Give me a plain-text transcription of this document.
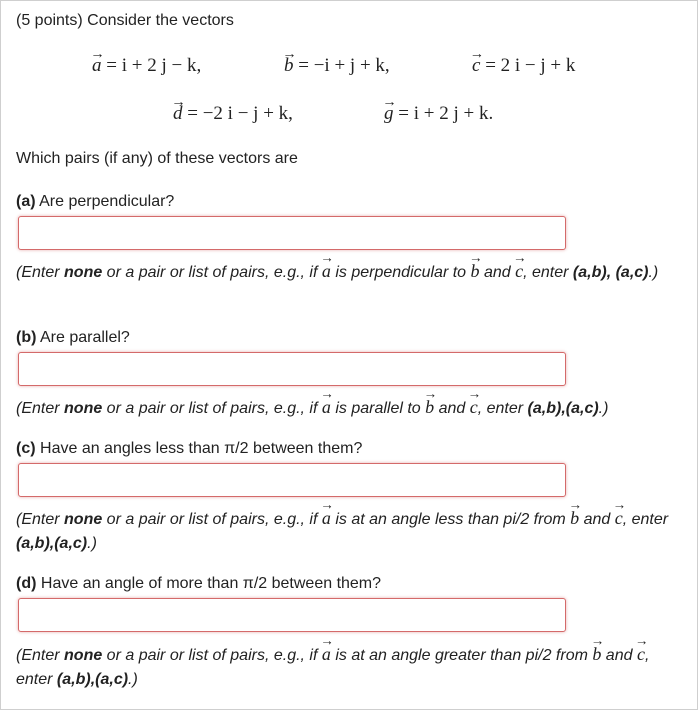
(5 points) Consider the vectors
→ a = i + 2 j − k,	→ b = −i + j + k,	→ c = 2 i − j + k
→ d = −2 i − j + k,	→ g = i + 2 j + k.
Which pairs (if any) of these vectors are
(a) Are perpendicular?
(Enter none or a pair or list of pairs, e.g., if → a is perpendicular to → b and → c, enter (a,b), (a,c).)
(b) Are parallel?
(Enter none or a pair or list of pairs, e.g., if → a is parallel to → b and → c, enter (a,b),(a,c).)
(c) Have an angles less than π/2 between them?
(Enter none or a pair or list of pairs, e.g., if → a is at an angle less than pi/2 from → b and → c, enter (a,b),(a,c).)
(d) Have an angle of more than π/2 between them?
(Enter none or a pair or list of pairs, e.g., if → a is at an angle greater than pi/2 from → b and → c, enter (a,b),(a,c).)
